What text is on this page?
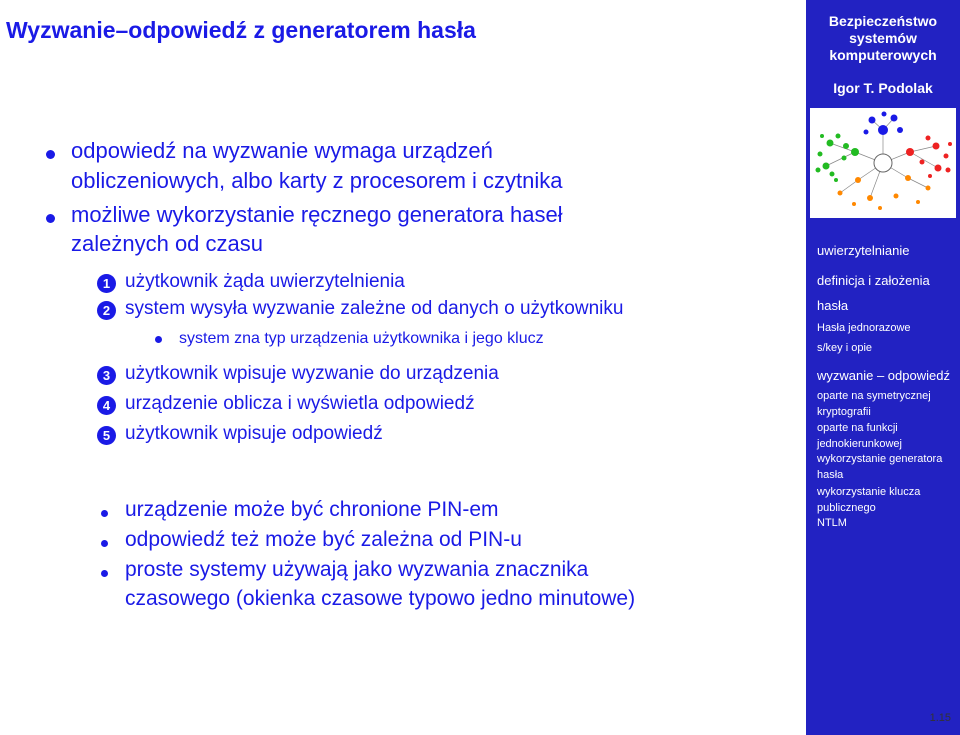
Wyzwanie–odpowiedź z generatorem hasła
odpowiedź na wyzwanie wymaga urządzeń
obliczeniowych, albo karty z procesorem i czytnika
możliwe wykorzystanie ręcznego generatora haseł
zależnych od czasu
1 użytkownik żąda uwierzytelnienia
2 system wysyła wyzwanie zależne od danych o użytkowniku
system zna typ urządzenia użytkownika i jego klucz
3 użytkownik wpisuje wyzwanie do urządzenia
4 urządzenie oblicza i wyświetla odpowiedź
5 użytkownik wpisuje odpowiedź
urządzenie może być chronione PIN-em
odpowiedź też może być zależna od PIN-u
proste systemy używają jako wyzwania znacznika
czasowego (okienka czasowe typowo jedno minutowe)
Bezpieczeństwo systemów komputerowych
Igor T. Podolak
uwierzytelnianie
definicja i założenia
hasła
Hasła jednorazowe
s/key i opie
wyzwanie – odpowiedź
oparte na symetrycznej kryptografii
oparte na funkcji jednokierunkowej
wykorzystanie generatora hasła
wykorzystanie klucza publicznego
NTLM
1.15
